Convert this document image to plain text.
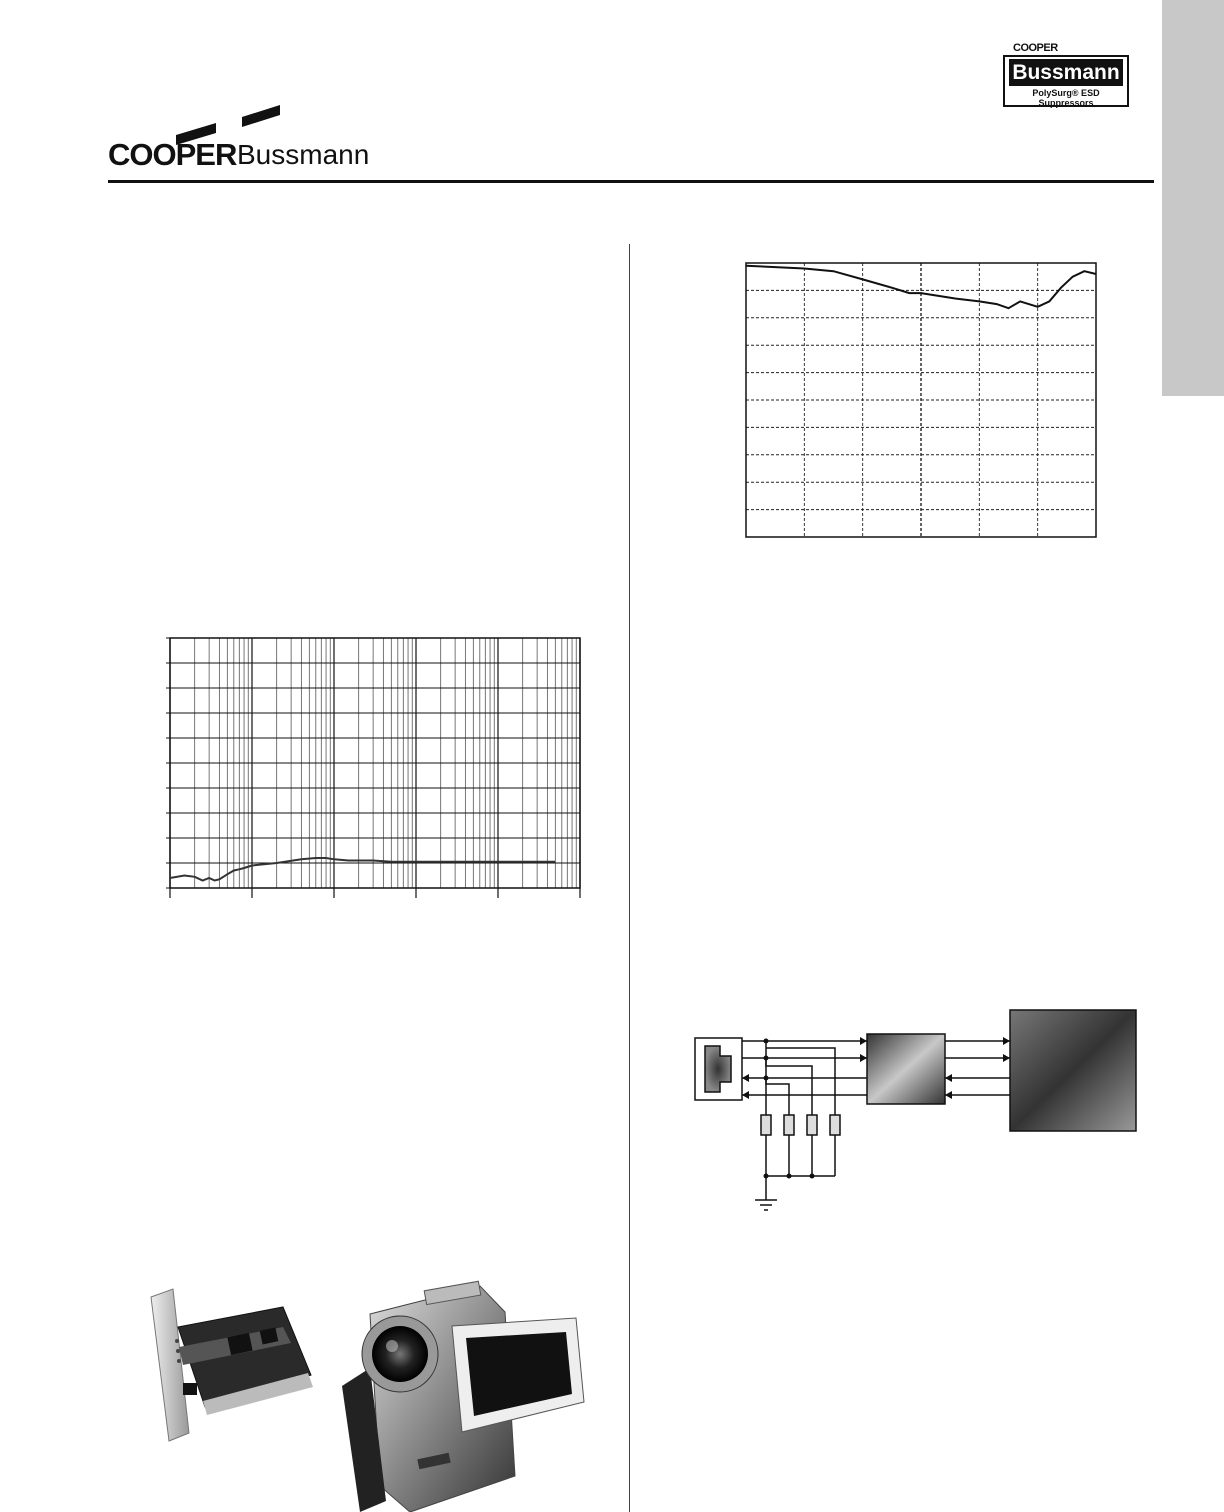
COOPER
Bussmann
PolySurg® ESD Suppressors
COOPER Bussmann
